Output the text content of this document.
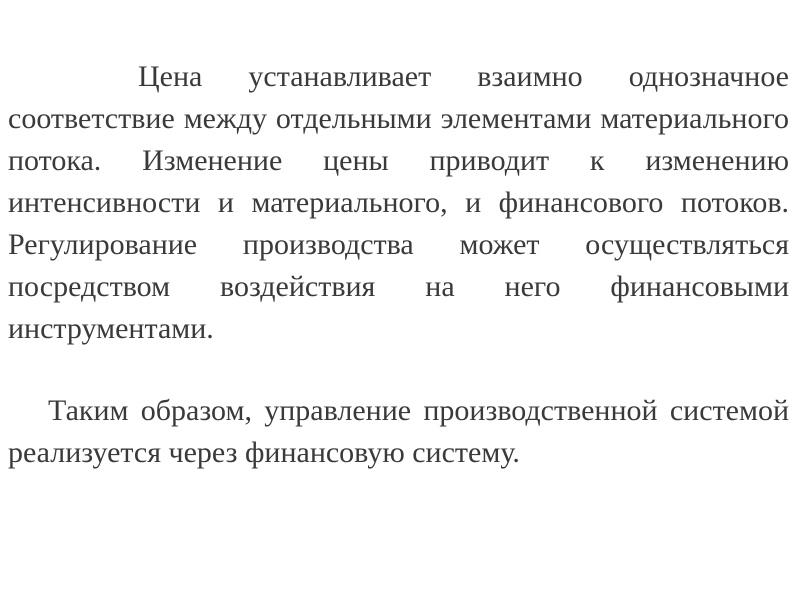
Цена устанавливает взаимно однозначное соответствие между отдельными элементами материального потока. Изменение цены приводит к изменению интенсивности и материального, и финансового потоков. Регулирование производства может осуществляться посредством воздействия на него финансовыми инструментами.

Таким образом, управление производственной системой реализуется через финансовую систему.
